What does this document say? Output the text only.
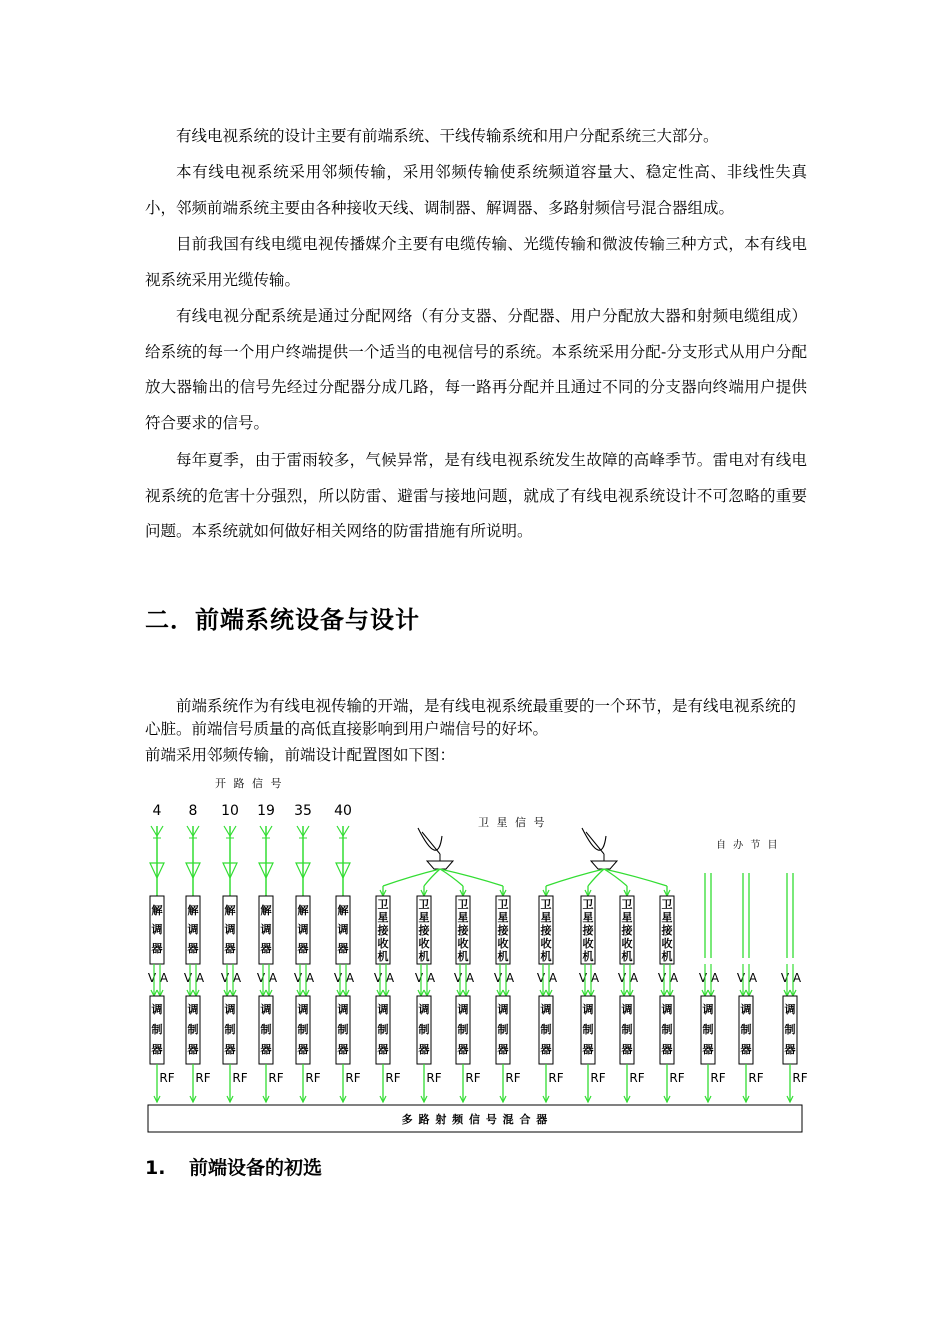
有线电视系统的设计主要有前端系统、干线传输系统和用户分配系统三大部分。

本有线电视系统采用邻频传输，采用邻频传输使系统频道容量大、稳定性高、非线性失真小，邻频前端系统主要由各种接收天线、调制器、解调器、多路射频信号混合器组成。

目前我国有线电缆电视传播媒介主要有电缆传输、光缆传输和微波传输三种方式，本有线电视系统采用光缆传输。

有线电视分配系统是通过分配网络（有分支器、分配器、用户分配放大器和射频电缆组成）给系统的每一个用户终端提供一个适当的电视信号的系统。本系统采用分配-分支形式从用户分配放大器输出的信号先经过分配器分成几路，每一路再分配并且通过不同的分支器向终端用户提供符合要求的信号。

每年夏季，由于雷雨较多，气候异常，是有线电视系统发生故障的高峰季节。雷电对有线电视系统的危害十分强烈，所以防雷、避雷与接地问题，就成了有线电视系统设计不可忽略的重要问题。本系统就如何做好相关网络的防雷措施有所说明。

二．前端系统设备与设计

前端系统作为有线电视传输的开端，是有线电视系统最重要的一个环节，是有线电视系统的心脏。前端信号质量的高低直接影响到用户端信号的好坏。

前端采用邻频传输，前端设计配置图如下图：

开 路 信 号
卫 星 信 号
自 办 节 目
4 8 10 19 35 40
解
调
器
解
调
器
解
调
器
解
调
器
解
调
器
解
调
器
卫
星
接
收
机
卫
星
接
收
机
卫
星
接
收
机
卫
星
接
收
机
卫
星
接
收
机
卫
星
接
收
机
卫
星
接
收
机
卫
星
接
收
机
V A V A V A V A V A V A V A V A V A V A V A V A V A V A V A V A V A
调
制
器
RF
调
制
器
RF
调
制
器
RF
调
制
器
RF
调
制
器
RF
调
制
器
RF
调
制
器
RF
调
制
器
RF
调
制
器
RF
调
制
器
RF
调
制
器
RF
调
制
器
RF
调
制
器
RF
调
制
器
RF
调
制
器
RF
调
制
器
RF
调
制
器
RF
多 路 射 频 信 号 混 合 器
1. 前端设备的初选
